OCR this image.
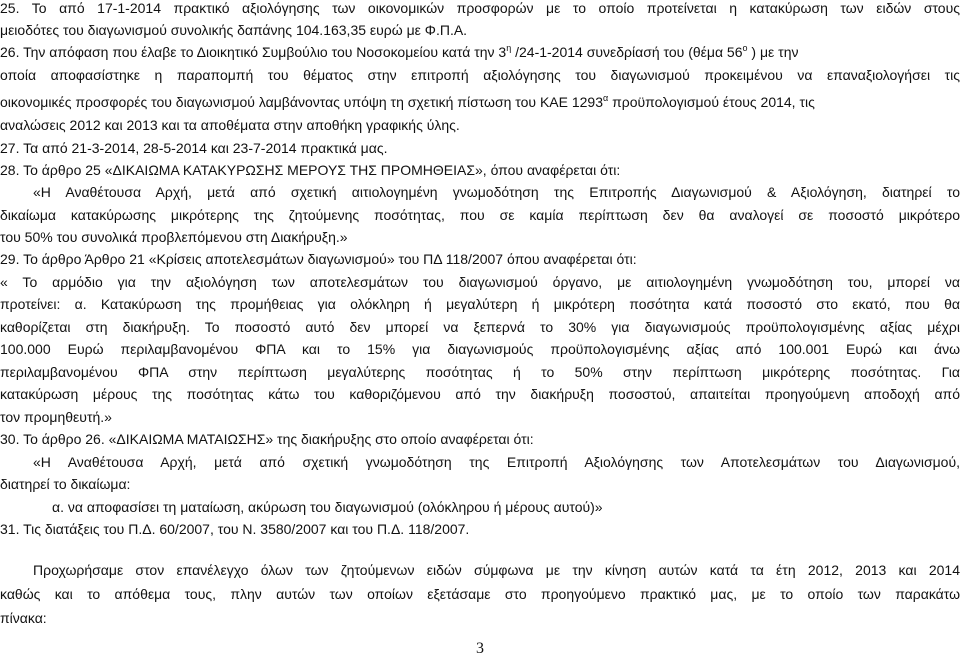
25. Το από 17-1-2014 πρακτικό αξιολόγησης των οικονομικών προσφορών με το οποίο προτείνεται η κατακύρωση των ειδών στους
μειοδότες του διαγωνισμού συνολικής δαπάνης 104.163,35 ευρώ με Φ.Π.Α.
26. Την απόφαση που έλαβε το Διοικητικό Συμβούλιο του Νοσοκομείου κατά την $3^\eta$ /24-1-2014 συνεδρίασή του (θέμα $56^o$ ) με την
οποία αποφασίστηκε η παραπομπή του θέματος στην επιτροπή αξιολόγησης του διαγωνισμού προκειμένου να επαναξιολογήσει τις
οικονομικές προσφορές του διαγωνισμού λαμβάνοντας υπόψη τη σχετική πίστωση του ΚΑΕ $1293^\alpha$ προϋπολογισμού έτους 2014, τις
αναλώσεις 2012 και 2013 και τα αποθέματα στην αποθήκη γραφικής ύλης.
27. Τα από 21-3-2014, 28-5-2014 και 23-7-2014 πρακτικά μας.
28. Το άρθρο 25 «ΔΙΚΑΙΩΜΑ ΚΑΤΑΚΥΡΩΣΗΣ ΜΕΡΟΥΣ ΤΗΣ ΠΡΟΜΗΘΕΙΑΣ», όπου αναφέρεται ότι:
«Η Αναθέτουσα Αρχή, μετά από σχετική αιτιολογημένη γνωμοδότηση της Επιτροπής Διαγωνισμού & Αξιολόγηση, διατηρεί το
δικαίωμα κατακύρωσης μικρότερης της ζητούμενης ποσότητας, που σε καμία περίπτωση δεν θα αναλογεί σε ποσοστό μικρότερο
του 50% του συνολικά προβλεπόμενου στη Διακήρυξη.»
29. Το άρθρο Άρθρο 21 «Κρίσεις αποτελεσμάτων διαγωνισμού» του ΠΔ 118/2007 όπου αναφέρεται ότι:
« Το αρμόδιο για την αξιολόγηση των αποτελεσμάτων του διαγωνισμού όργανο, με αιτιολογημένη γνωμοδότηση του, μπορεί να
προτείνει: α. Κατακύρωση της προμήθειας για ολόκληρη ή μεγαλύτερη ή μικρότερη ποσότητα κατά ποσοστό στο εκατό, που θα
καθορίζεται στη διακήρυξη. Το ποσοστό αυτό δεν μπορεί να ξεπερνά το 30% για διαγωνισμούς προϋπολογισμένης αξίας μέχρι
100.000 Ευρώ περιλαμβανομένου ΦΠΑ και το 15% για διαγωνισμούς προϋπολογισμένης αξίας από 100.001 Ευρώ και άνω
περιλαμβανομένου ΦΠΑ στην περίπτωση μεγαλύτερης ποσότητας ή το 50% στην περίπτωση μικρότερης ποσότητας. Για
κατακύρωση μέρους της ποσότητας κάτω του καθοριζόμενου από την διακήρυξη ποσοστού, απαιτείται προηγούμενη αποδοχή από
τον προμηθευτή.»
30. Το άρθρο 26. «ΔΙΚΑΙΩΜΑ ΜΑΤΑΙΩΣΗΣ» της διακήρυξης στο οποίο αναφέρεται ότι:
«Η Αναθέτουσα Αρχή, μετά από σχετική γνωμοδότηση της Επιτροπή Αξιολόγησης των Αποτελεσμάτων του Διαγωνισμού,
διατηρεί το δικαίωμα:
α. να αποφασίσει τη ματαίωση, ακύρωση του διαγωνισμού (ολόκληρου ή μέρους αυτού)»
31. Τις διατάξεις του Π.Δ. 60/2007, του Ν. 3580/2007 και του Π.Δ. 118/2007.
Προχωρήσαμε στον επανέλεγχο όλων των ζητούμενων ειδών σύμφωνα με την κίνηση αυτών κατά τα έτη 2012, 2013 και 2014
καθώς και το απόθεμα τους, πλην αυτών των οποίων εξετάσαμε στο προηγούμενο πρακτικό μας, με το οποίο των παρακάτω
πίνακα:
3
